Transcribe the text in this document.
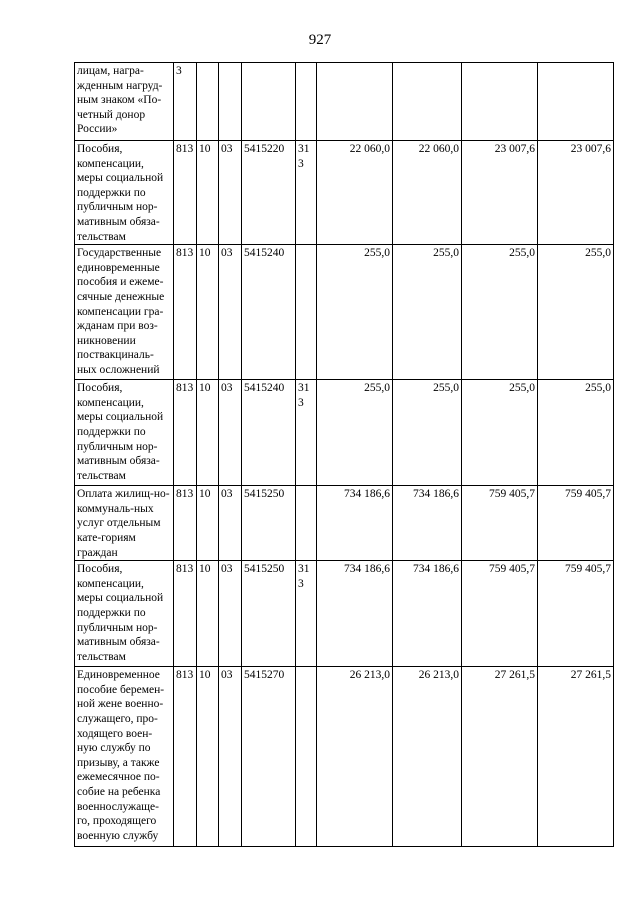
927
лицам, награ-жденным нагруд-ным знаком «По-четный донор России»	3								
Пособия, компенсации, меры социальной поддержки по публичным нор-мативным обяза-тельствам	813	10	03	5415220	313	22 060,0	22 060,0	23 007,6	23 007,6
Государственные единовременные пособия и ежеме-сячные денежные компенсации гра-жданам при воз-никновении поствакциналь-ных осложнений	813	10	03	5415240		255,0	255,0	255,0	255,0
Пособия, компенсации, меры социальной поддержки по публичным нор-мативным обяза-тельствам	813	10	03	5415240	313	255,0	255,0	255,0	255,0
Оплата жилищ-но-коммуналь-ных услуг отдельным кате-гориям граждан	813	10	03	5415250		734 186,6	734 186,6	759 405,7	759 405,7
Пособия, компенсации, меры социальной поддержки по публичным нор-мативным обяза-тельствам	813	10	03	5415250	313	734 186,6	734 186,6	759 405,7	759 405,7
Единовременное пособие беремен-ной жене военно-служащего, про-ходящего воен-ную службу по призыву, а также ежемесячное по-собие на ребенка военнослужаще-го, проходящего военную службу	813	10	03	5415270		26 213,0	26 213,0	27 261,5	27 261,5
